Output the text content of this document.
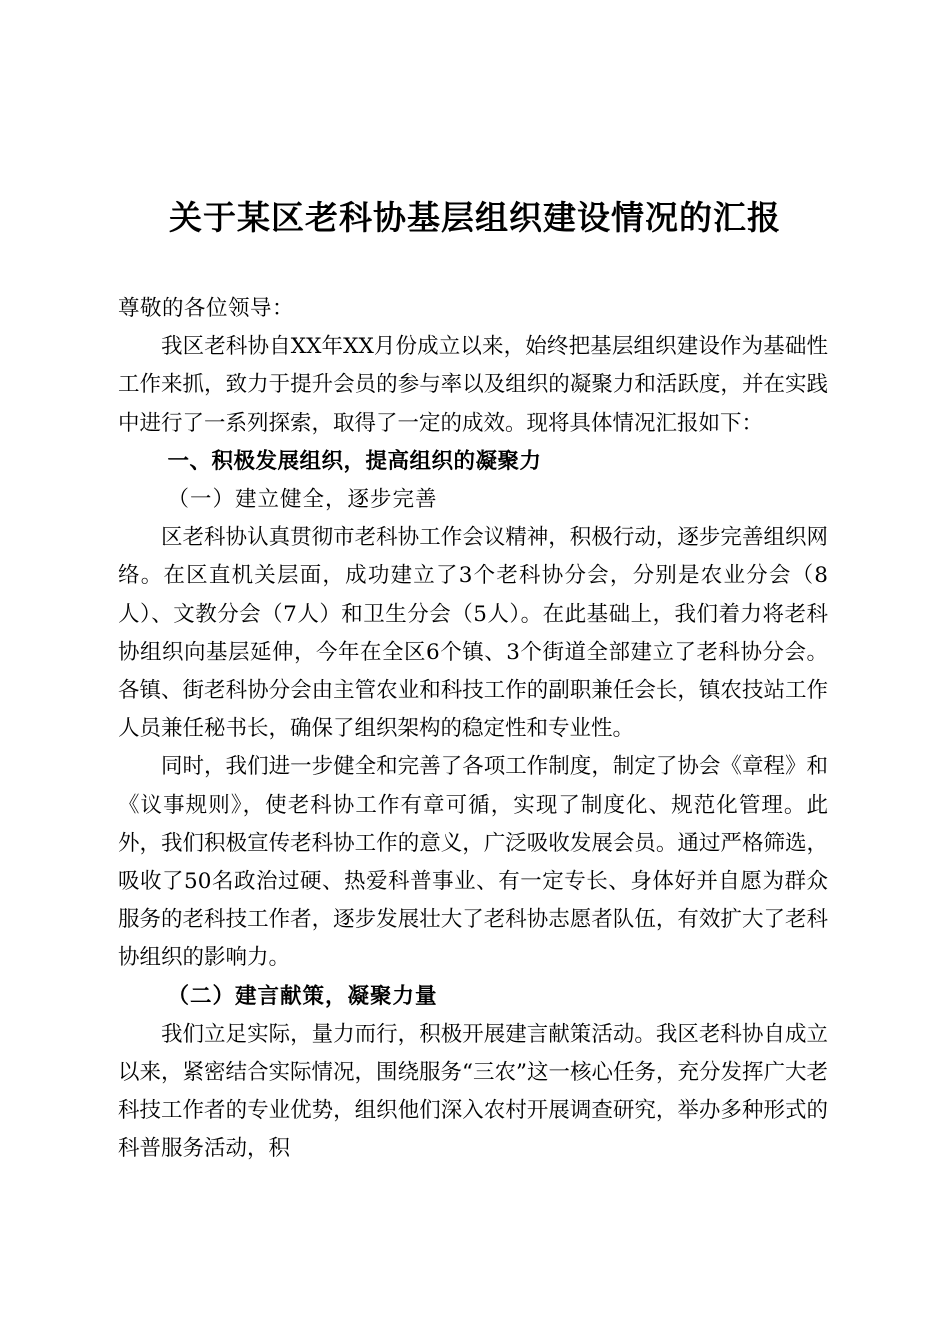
关于某区老科协基层组织建设情况的汇报

尊敬的各位领导：

我区老科协自XX年XX月份成立以来，始终把基层组织建设作为基础性工作来抓，致力于提升会员的参与率以及组织的凝聚力和活跃度，并在实践中进行了一系列探索，取得了一定的成效。现将具体情况汇报如下：

一、积极发展组织，提高组织的凝聚力

（一）建立健全，逐步完善

区老科协认真贯彻市老科协工作会议精神，积极行动，逐步完善组织网络。在区直机关层面，成功建立了3个老科协分会，分别是农业分会（8人）、文教分会（7人）和卫生分会（5人）。在此基础上，我们着力将老科协组织向基层延伸，今年在全区6个镇、3个街道全部建立了老科协分会。各镇、街老科协分会由主管农业和科技工作的副职兼任会长，镇农技站工作人员兼任秘书长，确保了组织架构的稳定性和专业性。

同时，我们进一步健全和完善了各项工作制度，制定了协会《章程》和《议事规则》，使老科协工作有章可循，实现了制度化、规范化管理。此外，我们积极宣传老科协工作的意义，广泛吸收发展会员。通过严格筛选，吸收了50名政治过硬、热爱科普事业、有一定专长、身体好并自愿为群众服务的老科技工作者，逐步发展壮大了老科协志愿者队伍，有效扩大了老科协组织的影响力。

（二）建言献策，凝聚力量

我们立足实际，量力而行，积极开展建言献策活动。我区老科协自成立以来，紧密结合实际情况，围绕服务“三农”这一核心任务，充分发挥广大老科技工作者的专业优势，组织他们深入农村开展调查研究，举办多种形式的科普服务活动，积
